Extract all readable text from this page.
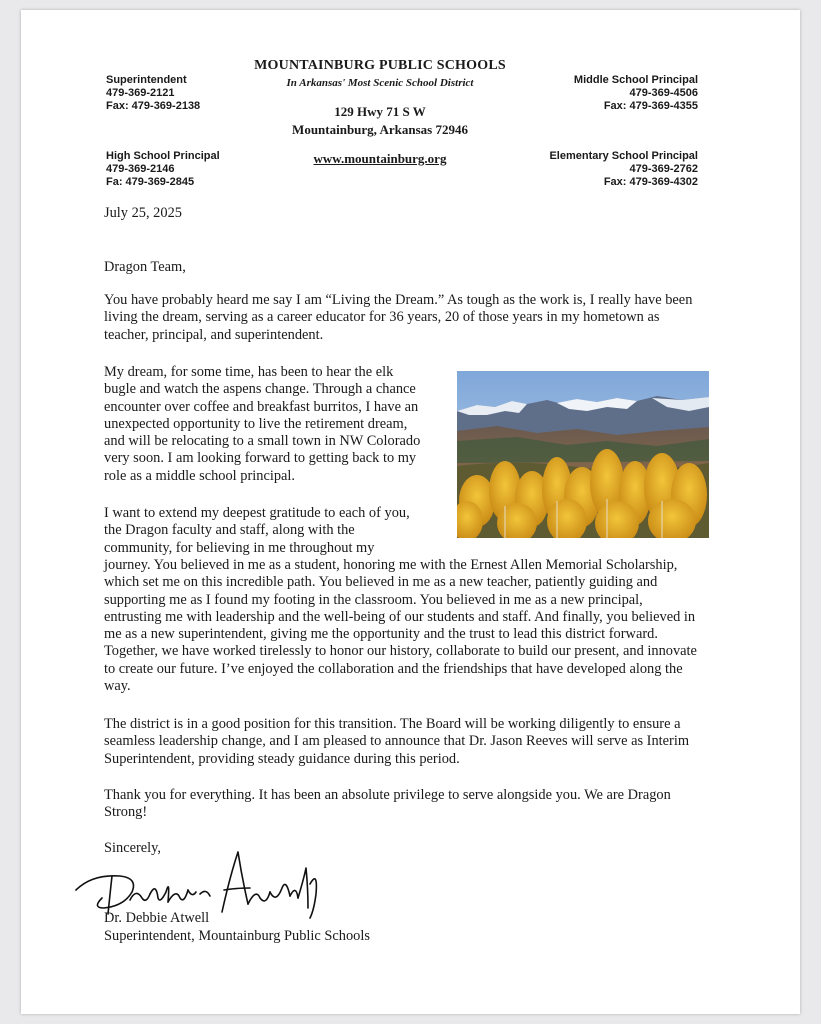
Superintendent
479-369-2121
Fax: 479-369-2138
High School Principal
479-369-2146
Fa: 479-369-2845
Middle School Principal
479-369-4506
Fax: 479-369-4355
Elementary School Principal
479-369-2762
Fax: 479-369-4302
MOUNTAINBURG PUBLIC SCHOOLS
In Arkansas' Most Scenic School District
129 Hwy 71 S W
Mountainburg, Arkansas 72946
www.mountainburg.org
July 25, 2025
Dragon Team,
You have probably heard me say I am “Living the Dream.” As tough as the work is, I really have been
living the dream, serving as a career educator for 36 years, 20 of those years in my hometown as
teacher, principal, and superintendent.
My dream, for some time, has been to hear the elk
bugle and watch the aspens change. Through a chance
encounter over coffee and breakfast burritos, I have an
unexpected opportunity to live the retirement dream,
and will be relocating to a small town in NW Colorado
very soon. I am looking forward to getting back to my
role as a middle school principal.
I want to extend my deepest gratitude to each of you,
the Dragon faculty and staff, along with the
community, for believing in me throughout my
journey. You believed in me as a student, honoring me with the Ernest Allen Memorial Scholarship,
which set me on this incredible path. You believed in me as a new teacher, patiently guiding and
supporting me as I found my footing in the classroom. You believed in me as a new principal,
entrusting me with leadership and the well-being of our students and staff. And finally, you believed in
me as a new superintendent, giving me the opportunity and the trust to lead this district forward.
Together, we have worked tirelessly to honor our history, collaborate to build our present, and innovate
to create our future. I’ve enjoyed the collaboration and the friendships that have developed along the
way.
The district is in a good position for this transition. The Board will be working diligently to ensure a
seamless leadership change, and I am pleased to announce that Dr. Jason Reeves will serve as Interim
Superintendent, providing steady guidance during this period.
Thank you for everything. It has been an absolute privilege to serve alongside you. We are Dragon
Strong!
Sincerely,
Dr. Debbie Atwell
Superintendent, Mountainburg Public Schools
